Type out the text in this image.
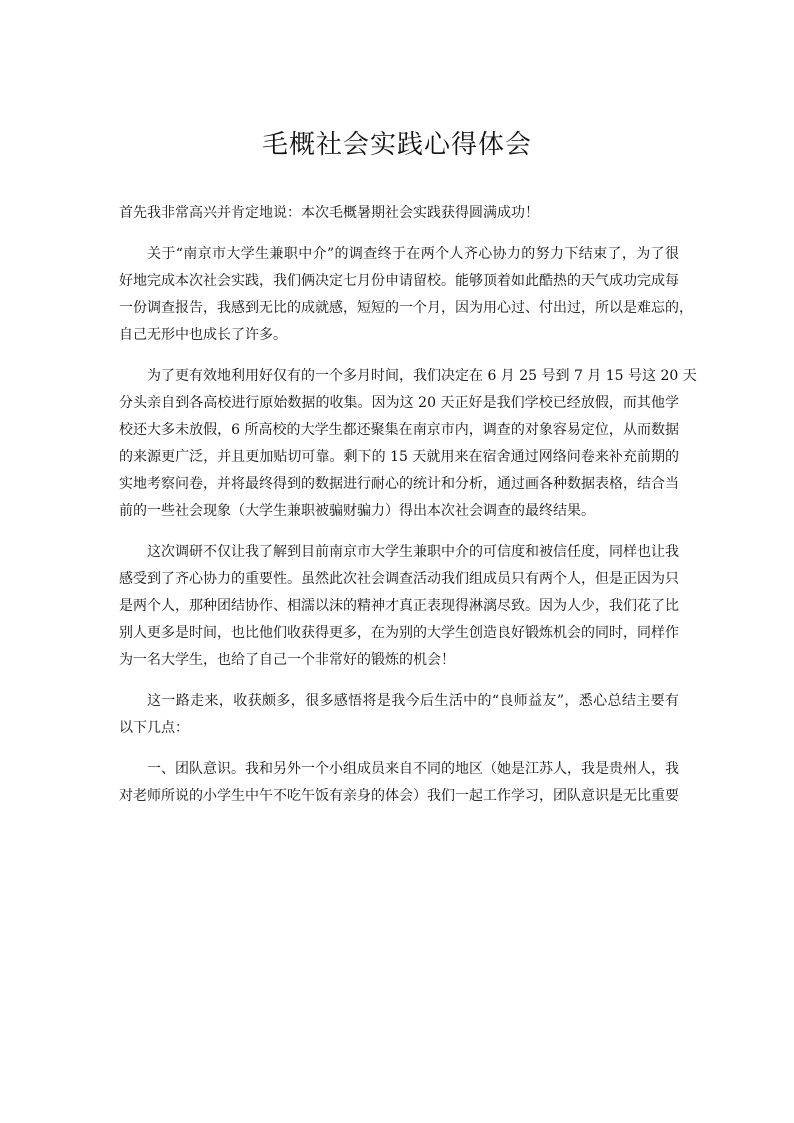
毛概社会实践心得体会
首先我非常高兴并肯定地说：本次毛概暑期社会实践获得圆满成功！
关于“南京市大学生兼职中介”的调查终于在两个人齐心协力的努力下结束了，为了很
好地完成本次社会实践，我们俩决定七月份申请留校。能够顶着如此酷热的天气成功完成每
一份调查报告，我感到无比的成就感，短短的一个月，因为用心过、付出过，所以是难忘的，
自己无形中也成长了许多。
为了更有效地利用好仅有的一个多月时间，我们决定在 6 月 25 号到 7 月 15 号这 20 天
分头亲自到各高校进行原始数据的收集。因为这 20 天正好是我们学校已经放假，而其他学
校还大多未放假，6 所高校的大学生都还聚集在南京市内，调查的对象容易定位，从而数据
的来源更广泛，并且更加贴切可靠。剩下的 15 天就用来在宿舍通过网络问卷来补充前期的
实地考察问卷，并将最终得到的数据进行耐心的统计和分析，通过画各种数据表格，结合当
前的一些社会现象（大学生兼职被骗财骗力）得出本次社会调查的最终结果。
这次调研不仅让我了解到目前南京市大学生兼职中介的可信度和被信任度，同样也让我
感受到了齐心协力的重要性。虽然此次社会调查活动我们组成员只有两个人，但是正因为只
是两个人，那种团结协作、相濡以沫的精神才真正表现得淋漓尽致。因为人少，我们花了比
别人更多是时间，也比他们收获得更多，在为别的大学生创造良好锻炼机会的同时，同样作
为一名大学生，也给了自己一个非常好的锻炼的机会！
这一路走来，收获颇多，很多感悟将是我今后生活中的“良师益友”，悉心总结主要有
以下几点：
一、团队意识。我和另外一个小组成员来自不同的地区（她是江苏人，我是贵州人，我
对老师所说的小学生中午不吃午饭有亲身的体会）我们一起工作学习，团队意识是无比重要
